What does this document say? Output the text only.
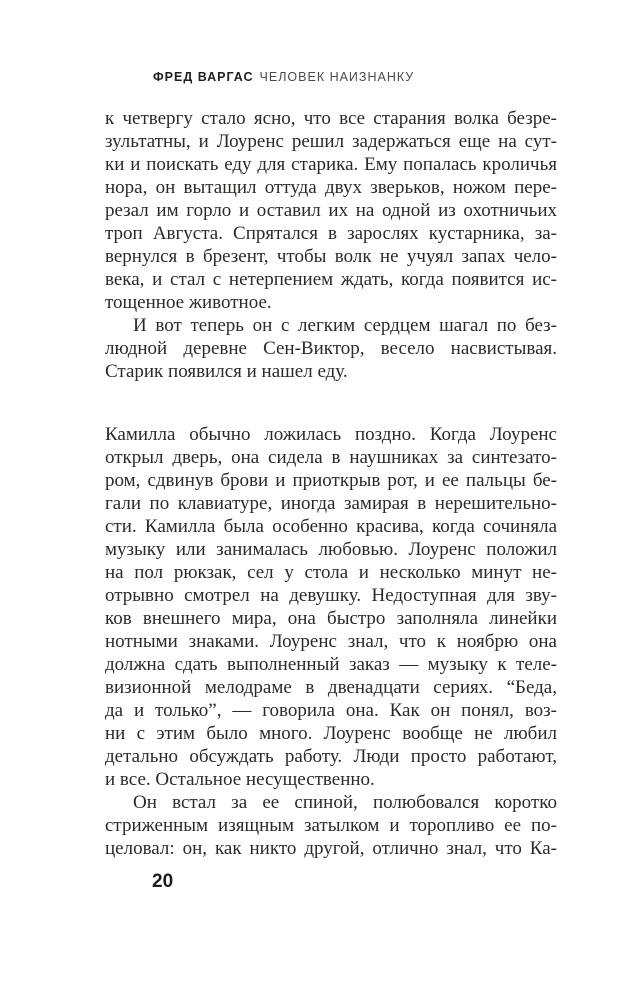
ФРЕД ВАРГАС ЧЕЛОВЕК НАИЗНАНКУ
к четвергу стало ясно, что все старания волка безре-
зультатны, и Лоуренс решил задержаться еще на сут-
ки и поискать еду для старика. Ему попалась кроличья
нора, он вытащил оттуда двух зверьков, ножом пере-
резал им горло и оставил их на одной из охотничьих
троп Августа. Спрятался в зарослях кустарника, за-
вернулся в брезент, чтобы волк не учуял запах чело-
века, и стал с нетерпением ждать, когда появится ис-
тощенное животное.
И вот теперь он с легким сердцем шагал по без-
людной деревне Сен-Виктор, весело насвистывая.
Старик появился и нашел еду.
Камилла обычно ложилась поздно. Когда Лоуренс
открыл дверь, она сидела в наушниках за синтезато-
ром, сдвинув брови и приоткрыв рот, и ее пальцы бе-
гали по клавиатуре, иногда замирая в нерешительно-
сти. Камилла была особенно красива, когда сочиняла
музыку или занималась любовью. Лоуренс положил
на пол рюкзак, сел у стола и несколько минут не-
отрывно смотрел на девушку. Недоступная для зву-
ков внешнего мира, она быстро заполняла линейки
нотными знаками. Лоуренс знал, что к ноябрю она
должна сдать выполненный заказ — музыку к теле-
визионной мелодраме в двенадцати сериях. “Беда,
да и только”, — говорила она. Как он понял, воз-
ни с этим было много. Лоуренс вообще не любил
детально обсуждать работу. Люди просто работают,
и все. Остальное несущественно.
Он встал за ее спиной, полюбовался коротко
стриженным изящным затылком и торопливо ее по-
целовал: он, как никто другой, отлично знал, что Ка-
20
